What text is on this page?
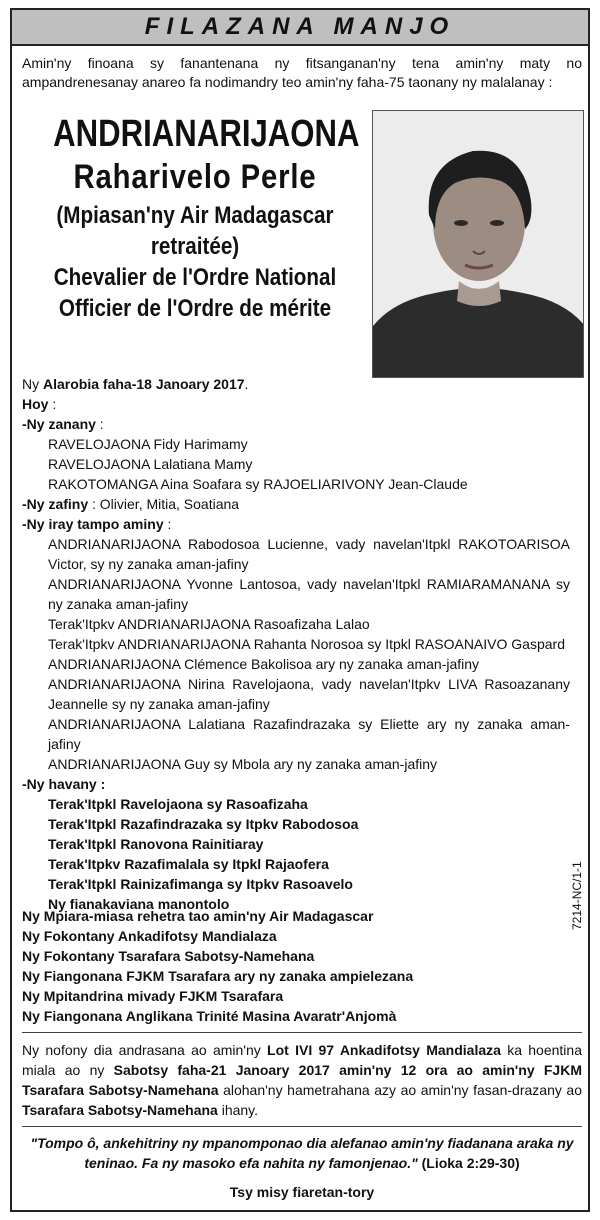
FILAZANA MANJO
Amin'ny finoana sy fanantenana ny fitsanganan'ny tena amin'ny maty no ampandrenesanay anareo fa nodimandry teo amin'ny faha-75 taonany ny malalanay :
ANDRIANARIJAONA
Raharivelo Perle
(Mpiasan'ny Air Madagascar
retraitée)
Chevalier de l'Ordre National
Officier de l'Ordre de mérite
Ny Alarobia faha-18 Janoary 2017.
Hoy :
-Ny zanany :
RAVELOJAONA Fidy Harimamy
RAVELOJAONA Lalatiana Mamy
RAKOTOMANGA Aina Soafara sy RAJOELIARIVONY Jean-Claude
-Ny zafiny : Olivier, Mitia, Soatiana
-Ny iray tampo aminy :
ANDRIANARIJAONA Rabodosoa Lucienne, vady navelan'Itpkl RAKOTOARISOA Victor, sy ny zanaka aman-jafiny
ANDRIANARIJAONA Yvonne Lantosoa, vady navelan'Itpkl RAMIARAMANANA sy ny zanaka aman-jafiny
Terak'Itpkv ANDRIANARIJAONA Rasoafizaha Lalao
Terak'Itpkv ANDRIANARIJAONA Rahanta Norosoa sy Itpkl RASOANAIVO Gaspard
ANDRIANARIJAONA Clémence Bakolisoa ary ny zanaka aman-jafiny
ANDRIANARIJAONA Nirina Ravelojaona, vady navelan'Itpkv LIVA Rasoazanany Jeannelle sy ny zanaka aman-jafiny
ANDRIANARIJAONA Lalatiana Razafindrazaka sy Eliette ary ny zanaka aman-jafiny
ANDRIANARIJAONA Guy sy Mbola ary ny zanaka aman-jafiny
-Ny havany :
Terak'Itpkl Ravelojaona sy Rasoafizaha
Terak'Itpkl Razafindrazaka sy Itpkv Rabodosoa
Terak'Itpkl Ranovona Rainitiaray
Terak'Itpkv Razafimalala sy Itpkl Rajaofera
Terak'Itpkl Rainizafimanga sy Itpkv Rasoavelo
Ny fianakaviana manontolo	7214-NC/1-1
Ny Mpiara-miasa rehetra tao amin'ny Air Madagascar
Ny Fokontany Ankadifotsy Mandialaza
Ny Fokontany Tsarafara Sabotsy-Namehana
Ny Fiangonana FJKM Tsarafara ary ny zanaka ampielezana
Ny Mpitandrina mivady FJKM Tsarafara
Ny Fiangonana Anglikana Trinité Masina Avaratr'Anjomà
Ny nofony dia andrasana ao amin'ny Lot IVI 97 Ankadifotsy Mandialaza ka hoentina miala ao ny Sabotsy faha-21 Janoary 2017 amin'ny 12 ora ao amin'ny FJKM Tsarafara Sabotsy-Namehana alohan'ny hametrahana azy ao amin'ny fasan-drazany ao Tsarafara Sabotsy-Namehana ihany.
"Tompo ô, ankehitriny ny mpanomponao dia alefanao amin'ny fiadanana araka ny teninao. Fa ny masoko efa nahita ny famonjenao." (Lioka 2:29-30)
Tsy misy fiaretan-tory
